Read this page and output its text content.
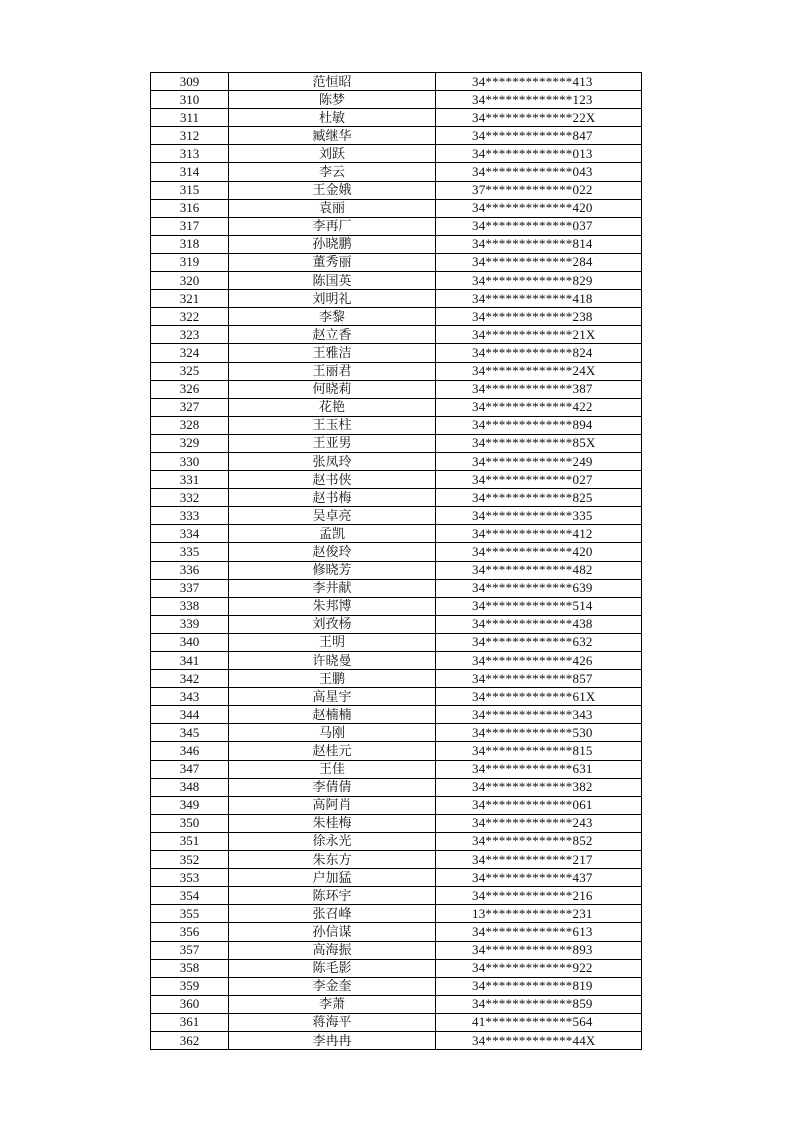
309	范恒昭	34*************413
310	陈梦	34*************123
311	杜敏	34*************22X
312	臧继华	34*************847
313	刘跃	34*************013
314	李云	34*************043
315	王金娥	37*************022
316	袁丽	34*************420
317	李再厂	34*************037
318	孙晓鹏	34*************814
319	董秀丽	34*************284
320	陈国英	34*************829
321	刘明礼	34*************418
322	李黎	34*************238
323	赵立香	34*************21X
324	王雅洁	34*************824
325	王丽君	34*************24X
326	何晓莉	34*************387
327	花艳	34*************422
328	王玉柱	34*************894
329	王亚男	34*************85X
330	张凤玲	34*************249
331	赵书侠	34*************027
332	赵书梅	34*************825
333	吴卓亮	34*************335
334	孟凯	34*************412
335	赵俊玲	34*************420
336	修晓芳	34*************482
337	李井献	34*************639
338	朱邦博	34*************514
339	刘孜杨	34*************438
340	王明	34*************632
341	许晓曼	34*************426
342	王鹏	34*************857
343	高星宇	34*************61X
344	赵楠楠	34*************343
345	马刚	34*************530
346	赵桂元	34*************815
347	王佳	34*************631
348	李倩倩	34*************382
349	高阿肖	34*************061
350	朱桂梅	34*************243
351	徐永光	34*************852
352	朱东方	34*************217
353	户加猛	34*************437
354	陈环宇	34*************216
355	张召峰	13*************231
356	孙信谋	34*************613
357	高海振	34*************893
358	陈毛影	34*************922
359	李金奎	34*************819
360	李萧	34*************859
361	蒋海平	41*************564
362	李冉冉	34*************44X
